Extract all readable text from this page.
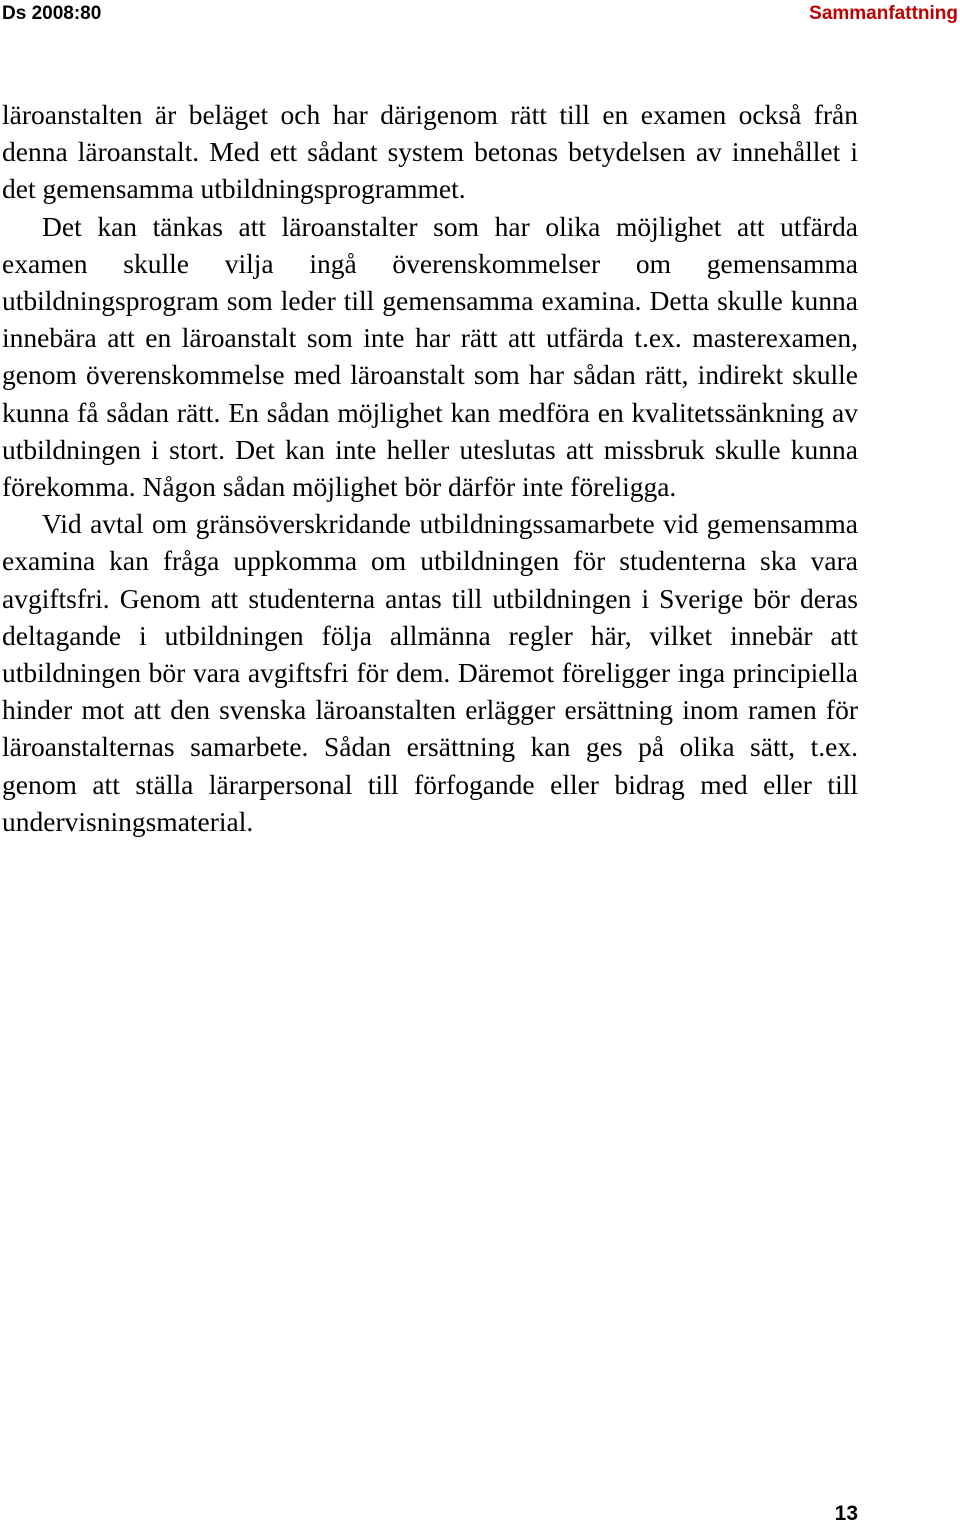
Ds 2008:80	Sammanfattning

läroanstalten är beläget och har därigenom rätt till en examen också från denna läroanstalt. Med ett sådant system betonas betydelsen av innehållet i det gemensamma utbildningsprogrammet.

Det kan tänkas att läroanstalter som har olika möjlighet att utfärda examen skulle vilja ingå överenskommelser om gemensamma utbildningsprogram som leder till gemensamma examina. Detta skulle kunna innebära att en läroanstalt som inte har rätt att utfärda t.ex. masterexamen, genom överenskommelse med läroanstalt som har sådan rätt, indirekt skulle kunna få sådan rätt. En sådan möjlighet kan medföra en kvalitetssänkning av utbildningen i stort. Det kan inte heller uteslutas att missbruk skulle kunna förekomma. Någon sådan möjlighet bör därför inte föreligga.

Vid avtal om gränsöverskridande utbildningssamarbete vid gemensamma examina kan fråga uppkomma om utbildningen för studenterna ska vara avgiftsfri. Genom att studenterna antas till utbildningen i Sverige bör deras deltagande i utbildningen följa allmänna regler här, vilket innebär att utbildningen bör vara avgiftsfri för dem. Däremot föreligger inga principiella hinder mot att den svenska läroanstalten erlägger ersättning inom ramen för läroanstalternas samarbete. Sådan ersättning kan ges på olika sätt, t.ex. genom att ställa lärarpersonal till förfogande eller bidrag med eller till undervisningsmaterial.

13
